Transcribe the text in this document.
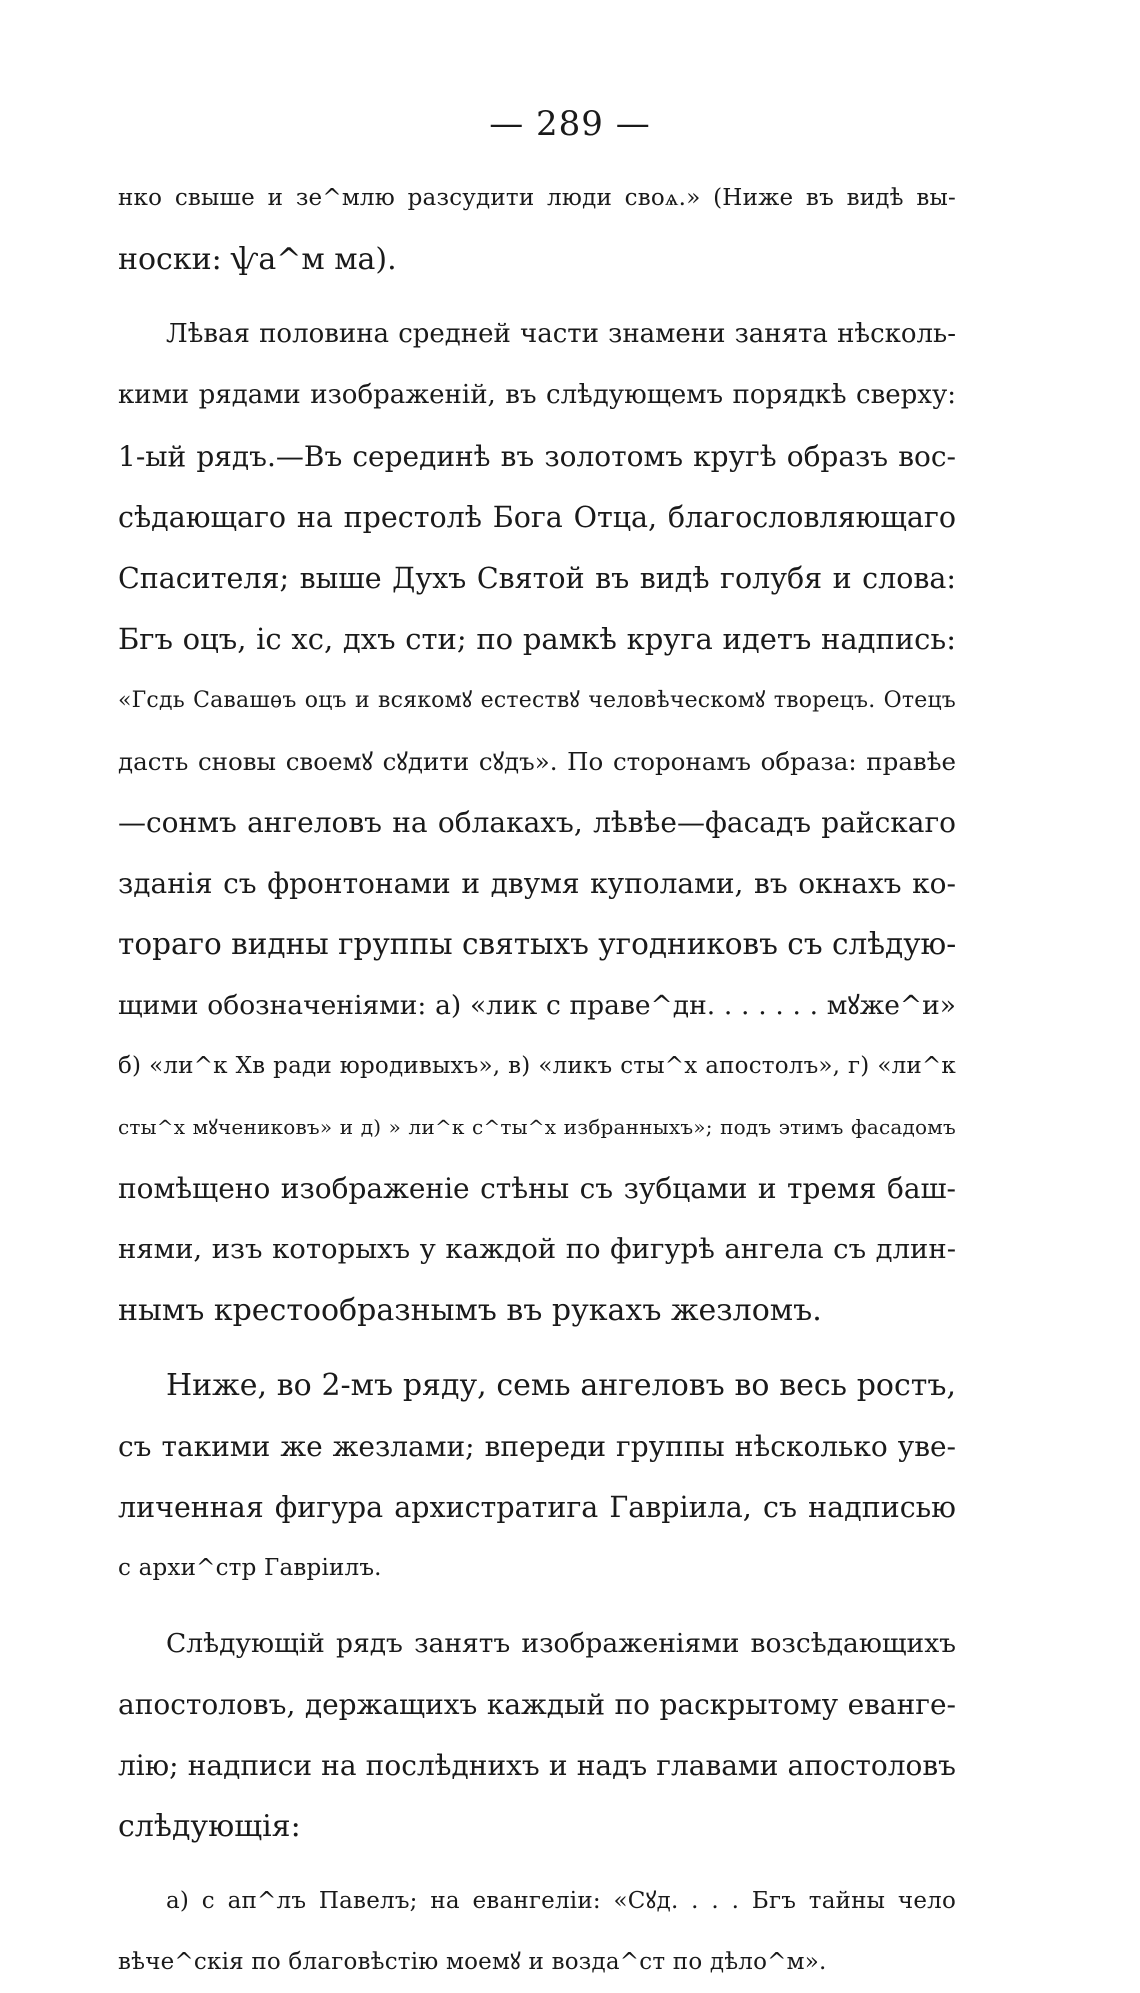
— 289 —
нко свыше и зе^млю разсудити люди своѧ.» (Ниже въ видѣ вы-
носки: ѱа^м ма).
Лѣвая половина средней части знамени занята нѣсколь-
кими рядами изображенiй, въ слѣдующемъ порядкѣ сверху:
1-ый рядъ.—Въ серединѣ въ золотомъ кругѣ образъ вос-
сѣдающаго на престолѣ Бога Отца, благословляющаго
Спасителя; выше Духъ Святой въ видѣ голубя и слова:
Бгъ оцъ, іс хс, дхъ сти; по рамкѣ круга идетъ надпись:
«Гсдь Савашѳъ оцъ и всякомꙋ естествꙋ человѣческомꙋ творецъ. Отецъ
дасть сновы своемꙋ сꙋдити сꙋдъ». По сторонамъ образа: правѣе
—сонмъ ангеловъ на облакахъ, лѣвѣе—фасадъ райскаго
зданiя съ фронтонами и двумя куполами, въ окнахъ ко-
тораго видны группы святыхъ угодниковъ съ слѣдую-
щими обозначенiями: а) «лик с праве^дн. . . . . . . мꙋже^и»
б) «ли^к Хв ради юродивыхъ», в) «ликъ сты^х апостолъ», г) «ли^к
сты^х мꙋчениковъ» и д) » ли^к с^ты^х избранныхъ»; подъ этимъ фасадомъ
помѣщено изображенiе стѣны съ зубцами и тремя баш-
нями, изъ которыхъ у каждой по фигурѣ ангела съ длин-
нымъ крестообразнымъ въ рукахъ жезломъ.
Ниже, во 2-мъ ряду, семь ангеловъ во весь ростъ,
съ такими же жезлами; впереди группы нѣсколько уве-
личенная фигура архистратига Гавріила, съ надписью
с архи^стр Гаврiилъ.
Слѣдующiй рядъ занятъ изображенiями возсѣдающихъ
апостоловъ, держащихъ каждый по раскрытому еванге-
лiю; надписи на послѣднихъ и надъ главами апостоловъ
слѣдующiя:
а) с ап^лъ Павелъ; на евангелiи: «Сꙋд. . . . Бгъ тайны чело
вѣче^скія по благовѣстію моемꙋ и возда^ст по дѣло^м».
